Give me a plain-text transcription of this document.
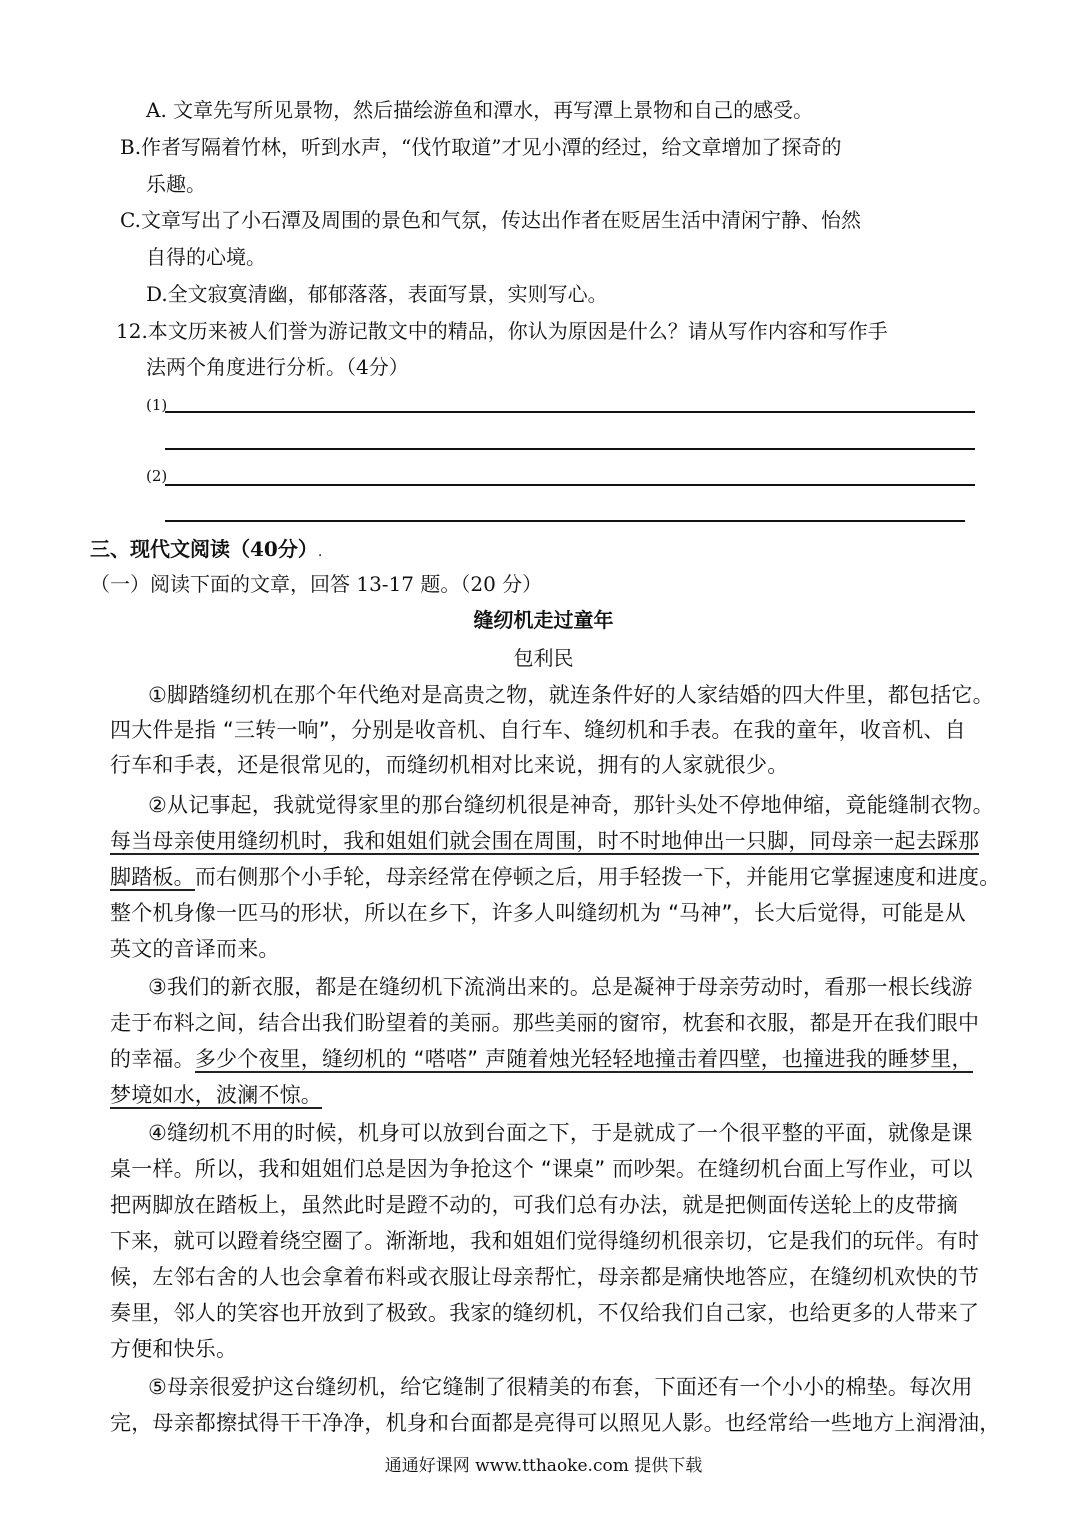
A. 文章先写所见景物，然后描绘游鱼和潭水，再写潭上景物和自己的感受。
B.作者写隔着竹林，听到水声，“伐竹取道”才见小潭的经过，给文章增加了探奇的
乐趣。
C.文章写出了小石潭及周围的景色和气氛，传达出作者在贬居生活中清闲宁静、怡然
自得的心境。
D.全文寂寞清幽，郁郁落落，表面写景，实则写心。
12.本文历来被人们誉为游记散文中的精品，你认为原因是什么？请从写作内容和写作手
法两个角度进行分析。（4分）
(1)
(2)
三、现代文阅读（40分）.
（一）阅读下面的文章，回答 13-17 题。（20 分）
缝纫机走过童年
包利民
①脚踏缝纫机在那个年代绝对是高贵之物，就连条件好的人家结婚的四大件里，都包括它。
四大件是指 “三转一响”，分别是收音机、自行车、缝纫机和手表。在我的童年，收音机、自
行车和手表，还是很常见的，而缝纫机相对比来说，拥有的人家就很少。
②从记事起，我就觉得家里的那台缝纫机很是神奇，那针头处不停地伸缩，竟能缝制衣物。
每当母亲使用缝纫机时，我和姐姐们就会围在周围，时不时地伸出一只脚，同母亲一起去踩那
脚踏板。而右侧那个小手轮，母亲经常在停顿之后，用手轻拨一下，并能用它掌握速度和进度。
整个机身像一匹马的形状，所以在乡下，许多人叫缝纫机为 “马神”，长大后觉得，可能是从
英文的音译而来。
③我们的新衣服，都是在缝纫机下流淌出来的。总是凝神于母亲劳动时，看那一根长线游
走于布料之间，结合出我们盼望着的美丽。那些美丽的窗帘，枕套和衣服，都是开在我们眼中
的幸福。多少个夜里，缝纫机的 “嗒嗒” 声随着烛光轻轻地撞击着四壁，也撞进我的睡梦里，
梦境如水，波澜不惊。
④缝纫机不用的时候，机身可以放到台面之下，于是就成了一个很平整的平面，就像是课
桌一样。所以，我和姐姐们总是因为争抢这个 “课桌” 而吵架。在缝纫机台面上写作业，可以
把两脚放在踏板上，虽然此时是蹬不动的，可我们总有办法，就是把侧面传送轮上的皮带摘
下来，就可以蹬着绕空圈了。渐渐地，我和姐姐们觉得缝纫机很亲切，它是我们的玩伴。有时
候，左邻右舍的人也会拿着布料或衣服让母亲帮忙，母亲都是痛快地答应，在缝纫机欢快的节
奏里，邻人的笑容也开放到了极致。我家的缝纫机，不仅给我们自己家，也给更多的人带来了
方便和快乐。
⑤母亲很爱护这台缝纫机，给它缝制了很精美的布套，下面还有一个小小的棉垫。每次用
完，母亲都擦拭得干干净净，机身和台面都是亮得可以照见人影。也经常给一些地方上润滑油，
通通好课网 www.tthaoke.com 提供下载
